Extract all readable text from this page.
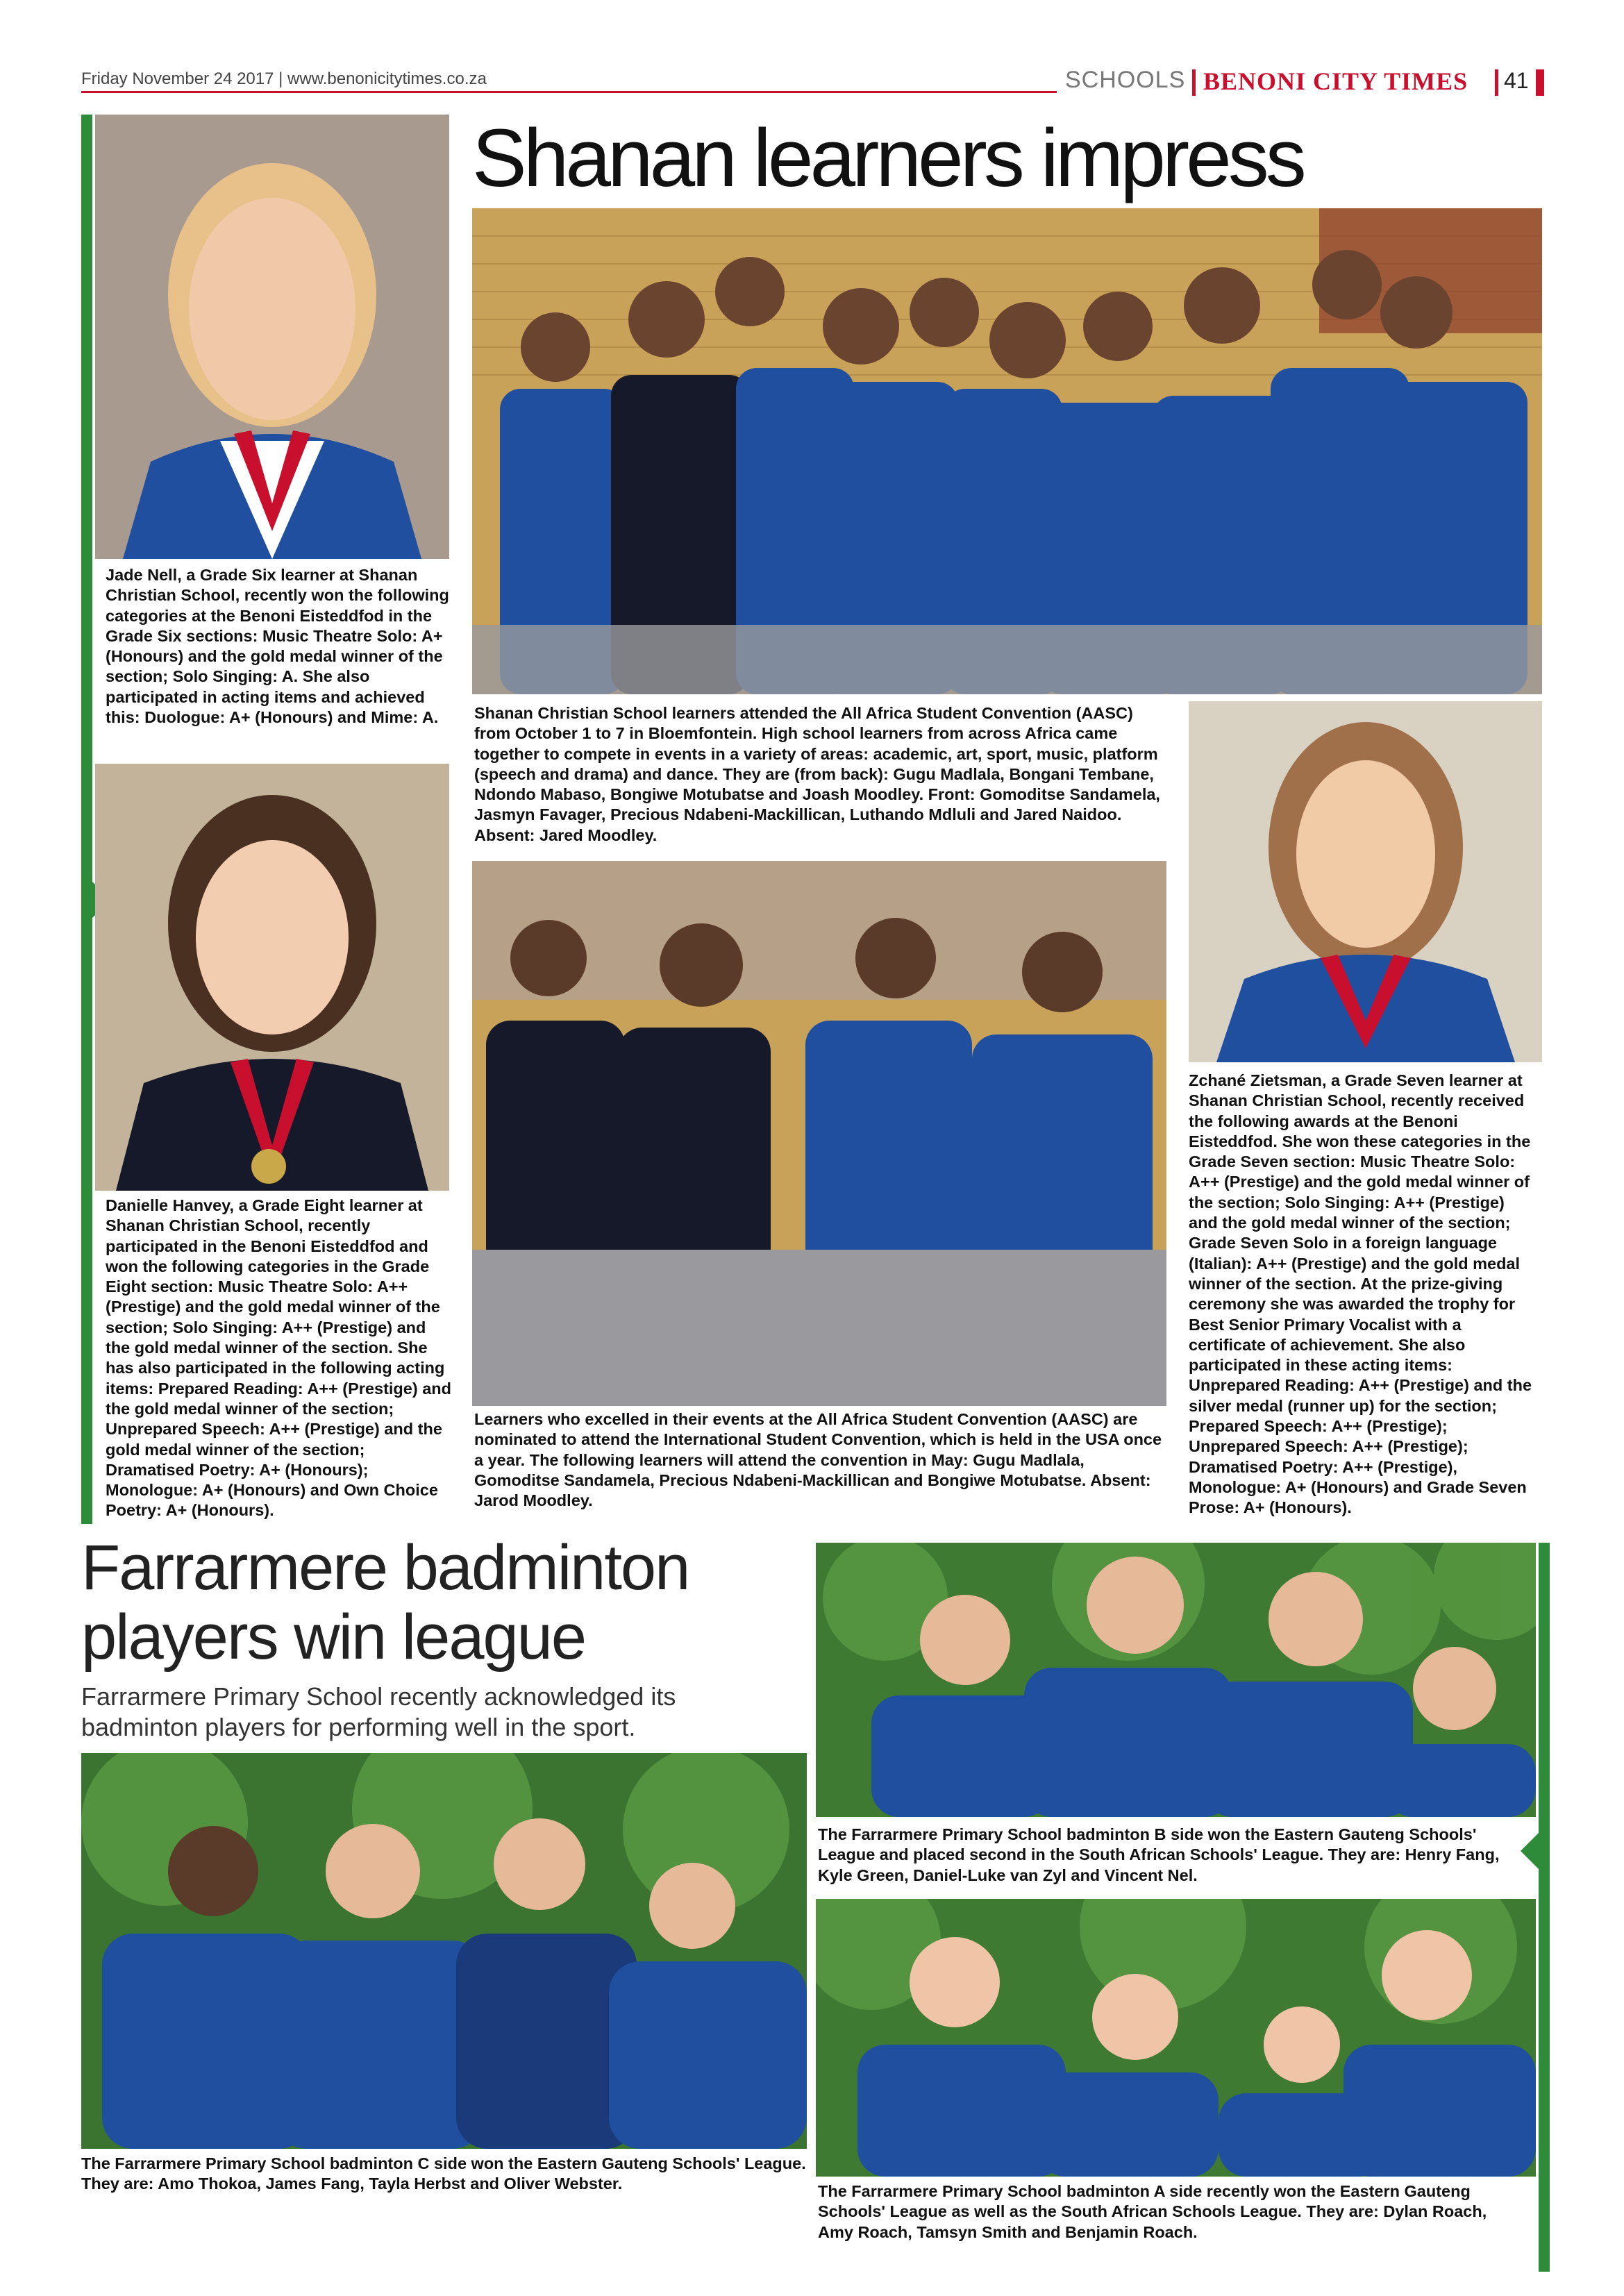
Friday November 24 2017 | www.benonicitytimes.co.za	SCHOOLS BENONI CITY TIMES 41
Shanan learners impress
Jade Nell, a Grade Six learner at Shanan Christian School, recently won the following categories at the Benoni Eisteddfod in the Grade Six sections: Music Theatre Solo: A+ (Honours) and the gold medal winner of the section; Solo Singing: A. She also participated in acting items and achieved this: Duologue: A+ (Honours) and Mime: A.	Shanan Christian School learners attended the All Africa Student Convention (AASC) from October 1 to 7 in Bloemfontein. High school learners from across Africa came together to compete in events in a variety of areas: academic, art, sport, music, platform (speech and drama) and dance. They are (from back): Gugu Madlala, Bongani Tembane, Ndondo Mabaso, Bongiwe Motubatse and Joash Moodley. Front: Gomoditse Sandamela, Jasmyn Favager, Precious Ndabeni-Mackillican, Luthando Mdluli and Jared Naidoo. Absent: Jared Moodley.
Zchané Zietsman, a Grade Seven learner at Shanan Christian School, recently received the following awards at the Benoni Eisteddfod. She won these categories in the Grade Seven section: Music Theatre Solo: A++ (Prestige) and the gold medal winner of the section; Solo Singing: A++ (Prestige) and the gold medal winner of the section; Grade Seven Solo in a foreign language (Italian): A++ (Prestige) and the gold medal winner of the section. At the prize-giving ceremony she was awarded the trophy for Best Senior Primary Vocalist with a certificate of achievement. She also participated in these acting items: Unprepared Reading: A++ (Prestige) and the silver medal (runner up) for the section; Prepared Speech: A++ (Prestige); Unprepared Speech: A++ (Prestige); Dramatised Poetry: A++ (Prestige), Monologue: A+ (Honours) and Grade Seven Prose: A+ (Honours).
Danielle Hanvey, a Grade Eight learner at Shanan Christian School, recently participated in the Benoni Eisteddfod and won the following categories in the Grade Eight section: Music Theatre Solo: A++ (Prestige) and the gold medal winner of the section; Solo Singing: A++ (Prestige) and the gold medal winner of the section. She has also participated in the following acting items: Prepared Reading: A++ (Prestige) and the gold medal winner of the section; Unprepared Speech: A++ (Prestige) and the gold medal winner of the section; Dramatised Poetry: A+ (Honours); Monologue: A+ (Honours) and Own Choice Poetry: A+ (Honours).
Learners who excelled in their events at the All Africa Student Convention (AASC) are nominated to attend the International Student Convention, which is held in the USA once a year. The following learners will attend the convention in May: Gugu Madlala, Gomoditse Sandamela, Precious Ndabeni-Mackillican and Bongiwe Motubatse. Absent: Jarod Moodley.
Farrarmere badminton players win league
Farrarmere Primary School recently acknowledged its badminton players for performing well in the sport.
The Farrarmere Primary School badminton B side won the Eastern Gauteng Schools' League and placed second in the South African Schools' League. They are: Henry Fang, Kyle Green, Daniel-Luke van Zyl and Vincent Nel.
The Farrarmere Primary School badminton C side won the Eastern Gauteng Schools' League. They are: Amo Thokoa, James Fang, Tayla Herbst and Oliver Webster.	The Farrarmere Primary School badminton A side recently won the Eastern Gauteng Schools' League as well as the South African Schools League. They are: Dylan Roach, Amy Roach, Tamsyn Smith and Benjamin Roach.
